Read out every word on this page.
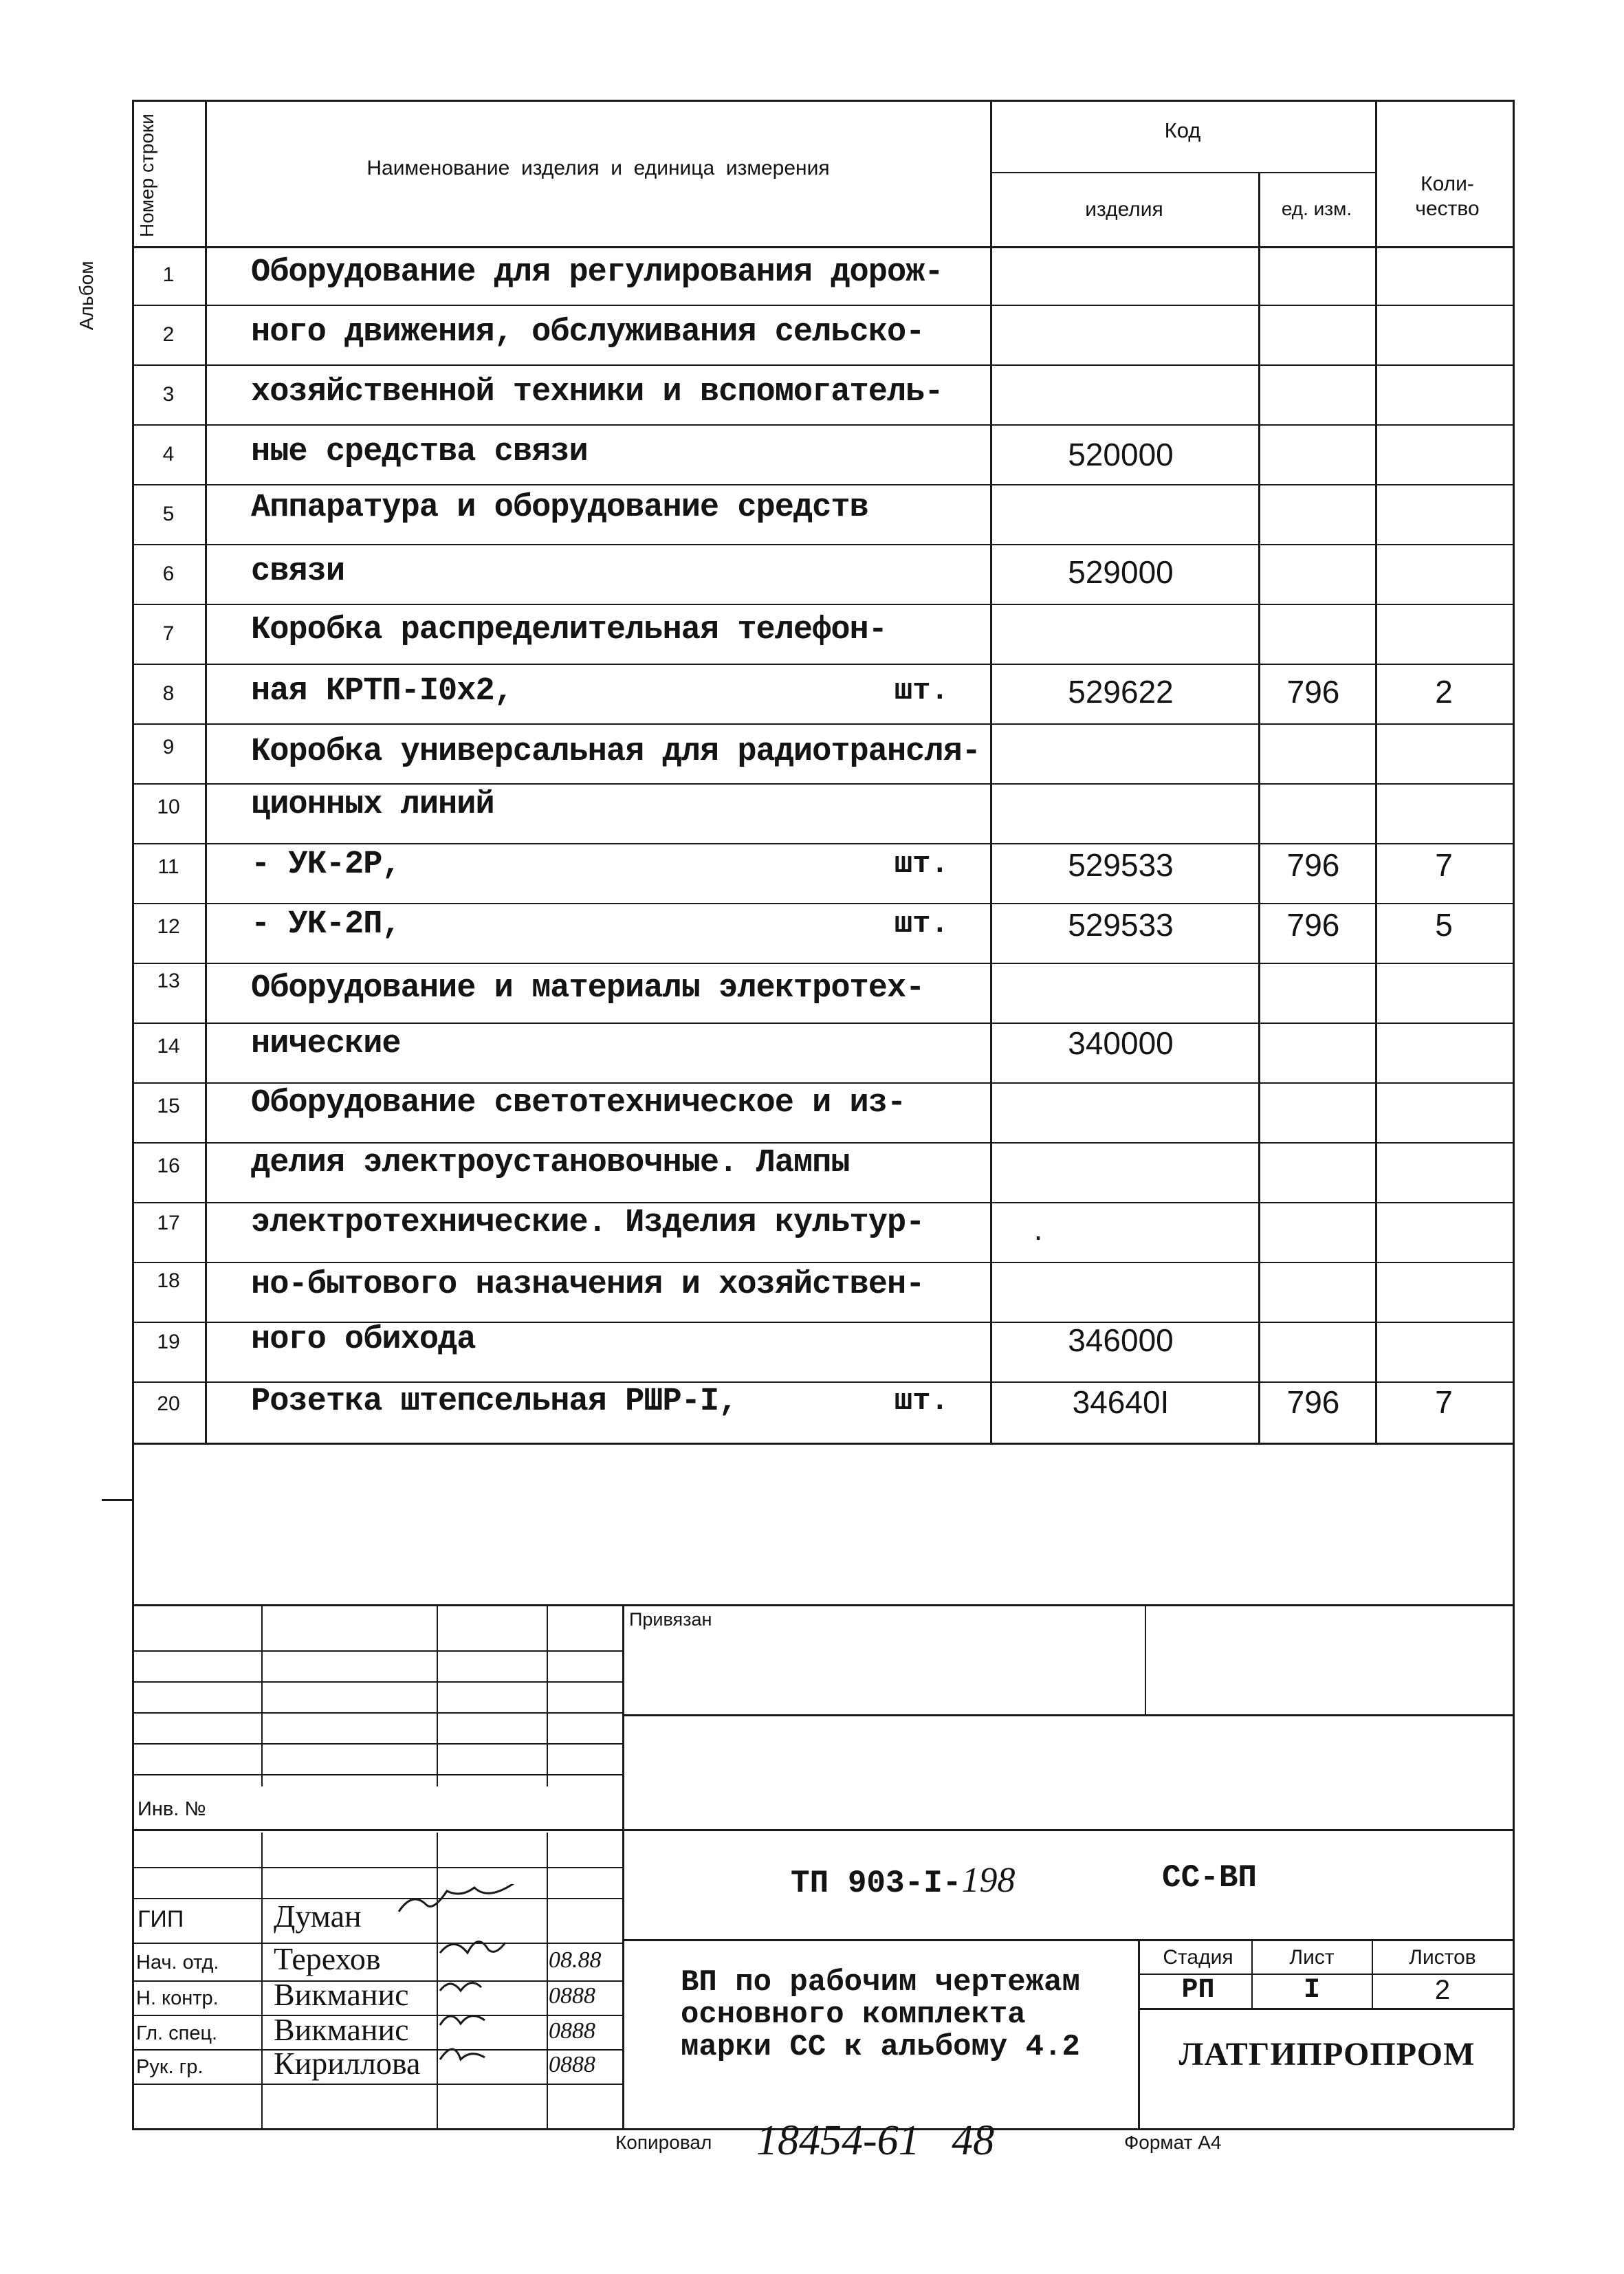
Альбом
Номер строки	Наименование  изделия  и  единица  измерения
Код
изделия	ед. изм.
Коли- чество
1	Оборудование для регулирования дорож-
2	ного движения, обслуживания сельско-
3	хозяйственной техники и вспомогатель-
4	ные средства связи	520000
5	Аппаратура и оборудование средств
6	связи	529000
7	Коробка распределительная телефон-
8	ная КРТП-I0х2,	шт.	529622	796	2
9	Коробка универсальная для радиотрансля-
10	ционных линий
11	- УК-2Р,	шт.	529533	796	7
12	- УК-2П,	шт.	529533	796	5
13	Оборудование и материалы электротех-
14	нические	340000
15	Оборудование светотехническое и из-
16	делия электроустановочные. Лампы
17	электротехнические. Изделия культур-	.
18	но-бытового назначения и хозяйствен-
19	ного обихода	346000
20	Розетка штепсельная РШР-I,	шт.	34640I	796	7
Привязан
Инв. №
ТП 903-I-198	СС-ВП
ГИП	Думан
Нач. отд. Терехов	08.88
Н. контр. Викманис	0888
Гл. спец. Викманис	0888
Рук. гр. Кириллова	0888
ВП по рабочим чертежам
основного комплекта
марки СС к альбому 4.2
Стадия	Лист	Листов
РП	I	2
ЛАТГИПРОПРОМ
Копировал 18454-61   48	Формат А4
